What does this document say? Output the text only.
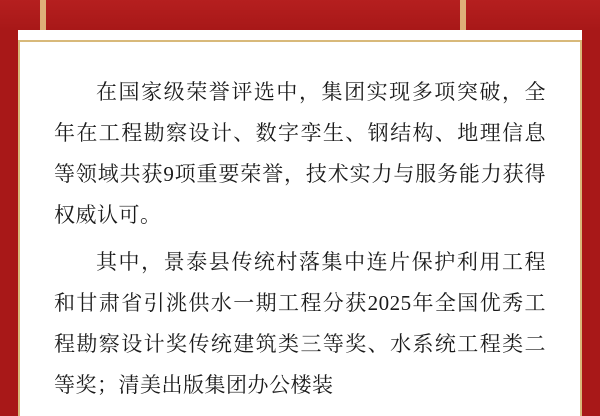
在国家级荣誉评选中，集团实现多项突破，全年在工程勘察设计、数字孪生、钢结构、地理信息等领域共获9项重要荣誉，技术实力与服务能力获得权威认可。

其中，景泰县传统村落集中连片保护利用工程和甘肃省引洮供水一期工程分获2025年全国优秀工程勘察设计奖传统建筑类三等奖、水系统工程类二等奖；清美出版集团办公楼装
